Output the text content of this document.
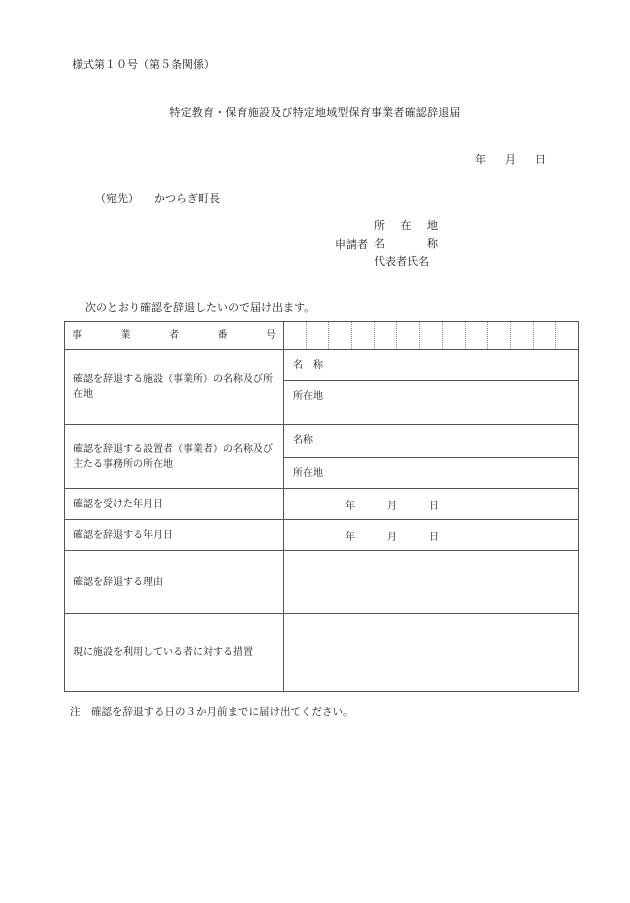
様式第１０号（第５条関係）
特定教育・保育施設及び特定地域型保育事業者確認辞退届
年 月 日
（宛先） かつらぎ町長
申請者
所 在 地
名	称
代表者氏名
次のとおり確認を辞退したいので届け出ます。
事	業	者	番	号
確認を辞退する施設（事業所）の名称及び所在地
名　称
所在地
確認を辞退する設置者（事業者）の名称及び主たる事務所の所在地
名称
所在地
確認を受けた年月日	年	月	日
確認を辞退する年月日	年	月	日
確認を辞退する理由
現に施設を利用している者に対する措置
注　確認を辞退する日の３か月前までに届け出てください。
